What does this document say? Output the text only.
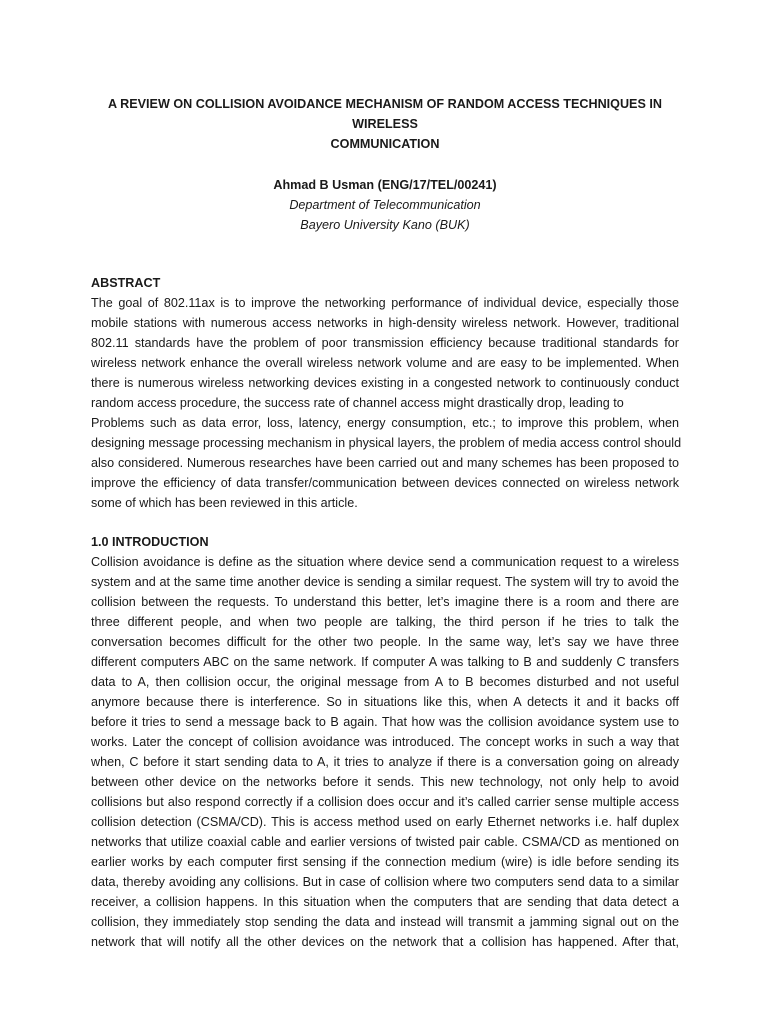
A REVIEW ON COLLISION AVOIDANCE MECHANISM OF RANDOM ACCESS TECHNIQUES IN WIRELESS
COMMUNICATION
Ahmad B Usman (ENG/17/TEL/00241)
Department of Telecommunication
Bayero University Kano (BUK)
ABSTRACT
The goal of 802.11ax is to improve the networking performance of individual device, especially those
mobile stations with numerous access networks in high-density wireless network. However, traditional
802.11 standards have the problem of poor transmission efficiency because traditional standards for
wireless network enhance the overall wireless network volume and are easy to be implemented. When
there is numerous wireless networking devices existing in a congested network to continuously conduct
random access procedure, the success rate of channel access might drastically drop, leading to
Problems such as data error, loss, latency, energy consumption, etc.; to improve this problem, when
designing message processing mechanism in physical layers, the problem of media access control should
also considered. Numerous researches have been carried out and many schemes has been proposed to
improve the efficiency of data transfer/communication between devices connected on wireless network
some of which has been reviewed in this article.
1.0 INTRODUCTION
Collision avoidance is define as the situation where device send a communication request to a wireless
system and at the same time another device is sending a similar request. The system will try to avoid the
collision between the requests. To understand this better, let’s imagine there is a room and there are
three different people, and when two people are talking, the third person if he tries to talk the
conversation becomes difficult for the other two people. In the same way, let’s say we have three
different computers ABC on the same network. If computer A was talking to B and suddenly C transfers
data to A, then collision occur, the original message from A to B becomes disturbed and not useful
anymore because there is interference. So in situations like this, when A detects it and it backs off
before it tries to send a message back to B again. That how was the collision avoidance system use to
works. Later the concept of collision avoidance was introduced. The concept works in such a way that
when, C before it start sending data to A, it tries to analyze if there is a conversation going on already
between other device on the networks before it sends. This new technology, not only help to avoid
collisions but also respond correctly if a collision does occur and it’s called carrier sense multiple access
collision detection (CSMA/CD). This is access method used on early Ethernet networks i.e. half duplex
networks that utilize coaxial cable and earlier versions of twisted pair cable. CSMA/CD as mentioned on
earlier works by each computer first sensing if the connection medium (wire) is idle before sending its
data, thereby avoiding any collisions. But in case of collision where two computers send data to a similar
receiver, a collision happens. In this situation when the computers that are sending that data detect a
collision, they immediately stop sending the data and instead will transmit a jamming signal out on the
network that will notify all the other devices on the network that a collision has happened. After that,
